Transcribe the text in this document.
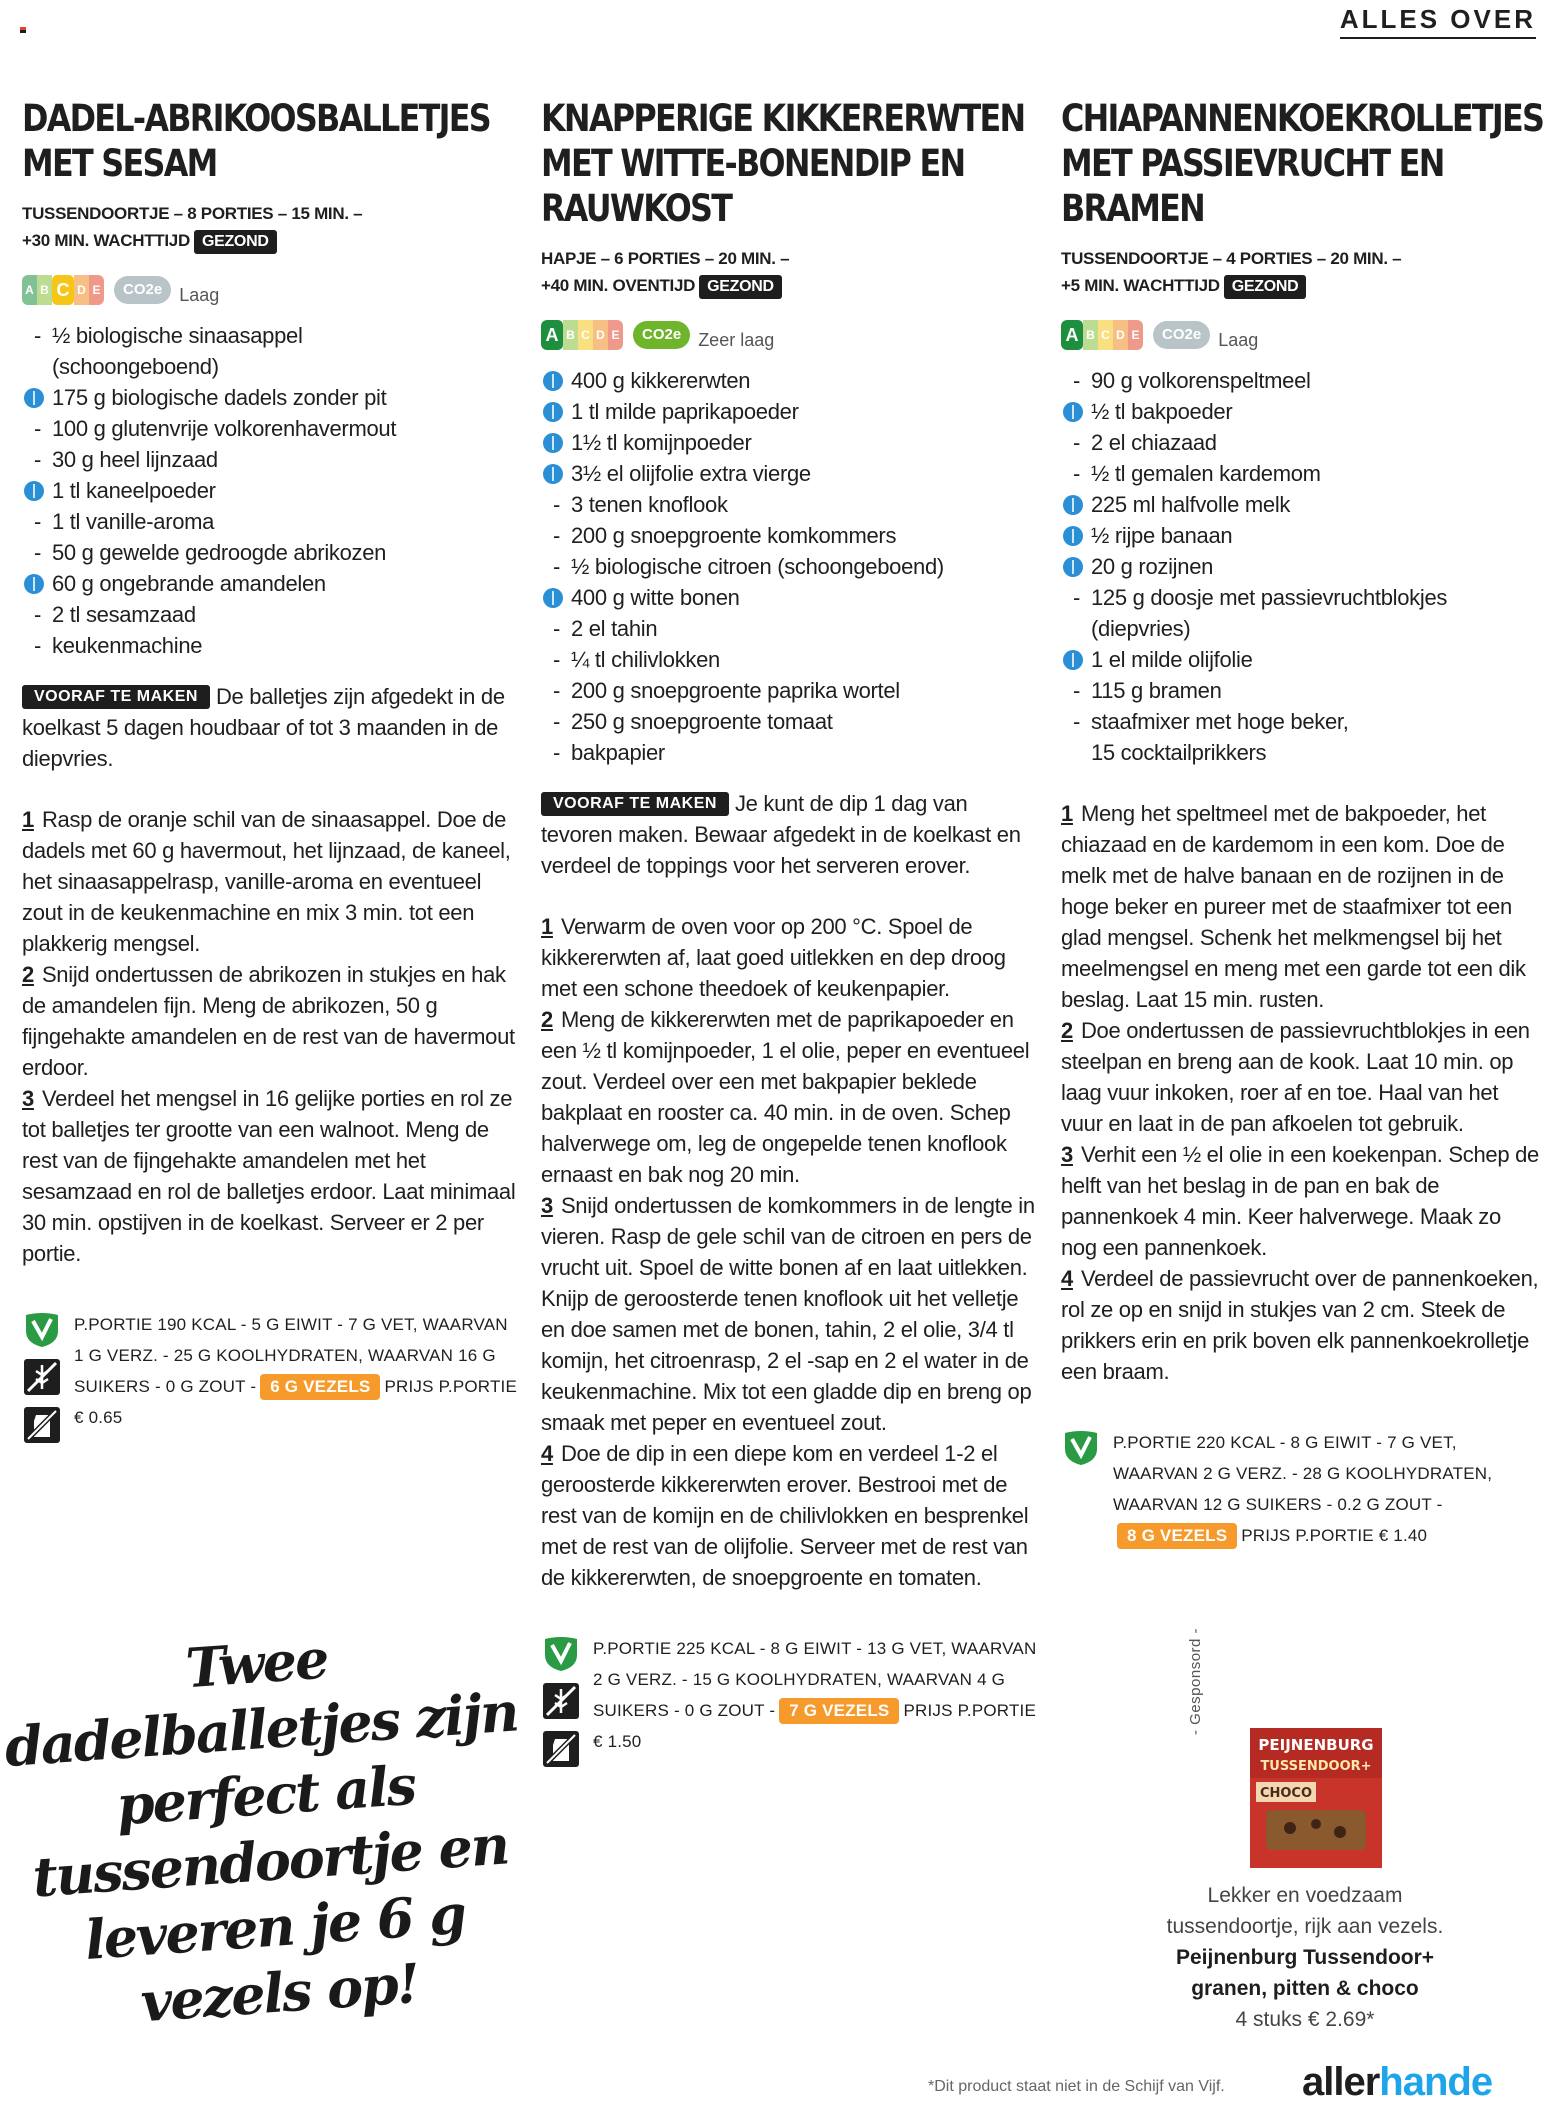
ALLES OVER
DADEL-ABRIKOOSBALLETJES MET SESAM
TUSSENDOORTJE – 8 PORTIES – 15 MIN. –
+30 MIN. WACHTTIJD GEZOND
A B C D E	CO2e Laag
- ½ biologische sinaasappel
(schoongeboend)
175 g biologische dadels zonder pit
- 100 g glutenvrije volkorenhavermout
- 30 g heel lijnzaad
1 tl kaneelpoeder
- 1 tl vanille-aroma
- 50 g gewelde gedroogde abrikozen
60 g ongebrande amandelen
- 2 tl sesamzaad
- keukenmachine

VOORAF TE MAKEN De balletjes zijn afgedekt in de koelkast 5 dagen houdbaar of tot 3 maanden in de diepvries.

1 Rasp de oranje schil van de sinaasappel. Doe de dadels met 60 g havermout, het lijnzaad, de kaneel, het sinaasappelrasp, vanille-aroma en eventueel zout in de keukenmachine en mix 3 min. tot een plakkerig mengsel.

2 Snijd ondertussen de abrikozen in stukjes en hak de amandelen fijn. Meng de abrikozen, 50 g fijngehakte amandelen en de rest van de havermout erdoor.

3 Verdeel het mengsel in 16 gelijke porties en rol ze tot balletjes ter grootte van een walnoot. Meng de rest van de fijngehakte amandelen met het sesamzaad en rol de balletjes erdoor. Laat minimaal 30 min. opstijven in de koelkast. Serveer er 2 per portie.

P.PORTIE 190 KCAL - 5 G EIWIT - 7 G VET, WAARVAN 1 G VERZ. - 25 G KOOLHYDRATEN, WAARVAN 16 G SUIKERS - 0 G ZOUT - 6 G VEZELS PRIJS P.PORTIE € 0.65
KNAPPERIGE KIKKERERWTEN MET WITTE-BONENDIP EN RAUWKOST
HAPJE – 6 PORTIES – 20 MIN. –
+40 MIN. OVENTIJD GEZOND
A B C D E	CO2e Zeer laag
400 g kikkererwten
1 tl milde paprikapoeder
1½ tl komijnpoeder
3½ el olijfolie extra vierge
- 3 tenen knoflook
- 200 g snoepgroente komkommers
- ½ biologische citroen (schoongeboend)
400 g witte bonen
- 2 el tahin
- ¼ tl chilivlokken
- 200 g snoepgroente paprika wortel
- 250 g snoepgroente tomaat
- bakpapier

VOORAF TE MAKEN Je kunt de dip 1 dag van tevoren maken. Bewaar afgedekt in de koelkast en verdeel de toppings voor het serveren erover.

1 Verwarm de oven voor op 200 °C. Spoel de kikkererwten af, laat goed uitlekken en dep droog met een schone theedoek of keukenpapier.

2 Meng de kikkererwten met de paprikapoeder en een ½ tl komijnpoeder, 1 el olie, peper en eventueel zout. Verdeel over een met bakpapier beklede bakplaat en rooster ca. 40 min. in de oven. Schep halverwege om, leg de ongepelde tenen knoflook ernaast en bak nog 20 min.

3 Snijd ondertussen de komkommers in de lengte in vieren. Rasp de gele schil van de citroen en pers de vrucht uit. Spoel de witte bonen af en laat uitlekken. Knijp de geroosterde tenen knoflook uit het velletje en doe samen met de bonen, tahin, 2 el olie, 3/4 tl komijn, het citroenrasp, 2 el -sap en 2 el water in de keukenmachine. Mix tot een gladde dip en breng op smaak met peper en eventueel zout.

4 Doe de dip in een diepe kom en verdeel 1-2 el geroosterde kikkererwten erover. Bestrooi met de rest van de komijn en de chilivlokken en besprenkel met de rest van de olijfolie. Serveer met de rest van de kikkererwten, de snoepgroente en tomaten.

P.PORTIE 225 KCAL - 8 G EIWIT - 13 G VET, WAARVAN 2 G VERZ. - 15 G KOOLHYDRATEN, WAARVAN 4 G SUIKERS - 0 G ZOUT - 7 G VEZELS PRIJS P.PORTIE € 1.50
CHIAPANNENKOEKROLLETJES MET PASSIEVRUCHT EN BRAMEN
TUSSENDOORTJE – 4 PORTIES – 20 MIN. –
+5 MIN. WACHTTIJD GEZOND
A B C D E	CO2e Laag
- 90 g volkorenspeltmeel
½ tl bakpoeder
- 2 el chiazaad
- ½ tl gemalen kardemom
225 ml halfvolle melk
½ rijpe banaan
20 g rozijnen
- 125 g doosje met passievruchtblokjes
(diepvries)
1 el milde olijfolie
- 115 g bramen
- staafmixer met hoge beker,
15 cocktailprikkers

1 Meng het speltmeel met de bakpoeder, het chiazaad en de kardemom in een kom. Doe de melk met de halve banaan en de rozijnen in de hoge beker en pureer met de staafmixer tot een glad mengsel. Schenk het melkmengsel bij het meelmengsel en meng met een garde tot een dik beslag. Laat 15 min. rusten.

2 Doe ondertussen de passievruchtblokjes in een steelpan en breng aan de kook. Laat 10 min. op laag vuur inkoken, roer af en toe. Haal van het vuur en laat in de pan afkoelen tot gebruik.

3 Verhit een ½ el olie in een koekenpan. Schep de helft van het beslag in de pan en bak de pannenkoek 4 min. Keer halverwege. Maak zo nog een pannenkoek.

4 Verdeel de passievrucht over de pannenkoeken, rol ze op en snijd in stukjes van 2 cm. Steek de prikkers erin en prik boven elk pannenkoekrolletje een braam.

P.PORTIE 220 KCAL - 8 G EIWIT - 7 G VET, WAARVAN 2 G VERZ. - 28 G KOOLHYDRATEN, WAARVAN 12 G SUIKERS - 0.2 G ZOUT -8 G VEZELS PRIJS P.PORTIE € 1.40
Twee dadelballetjes zijn perfect als tussendoortje en leveren je 6 g vezels op!
- Gesponsord -
PEIJNENBURG
TUSSENDOOR+
CHOCO
Lekker en voedzaam
tussendoortje, rijk aan vezels.
Peijnenburg Tussendoor+
granen, pitten & choco
4 stuks € 2.69*
*Dit product staat niet in de Schijf van Vijf. allerhande
